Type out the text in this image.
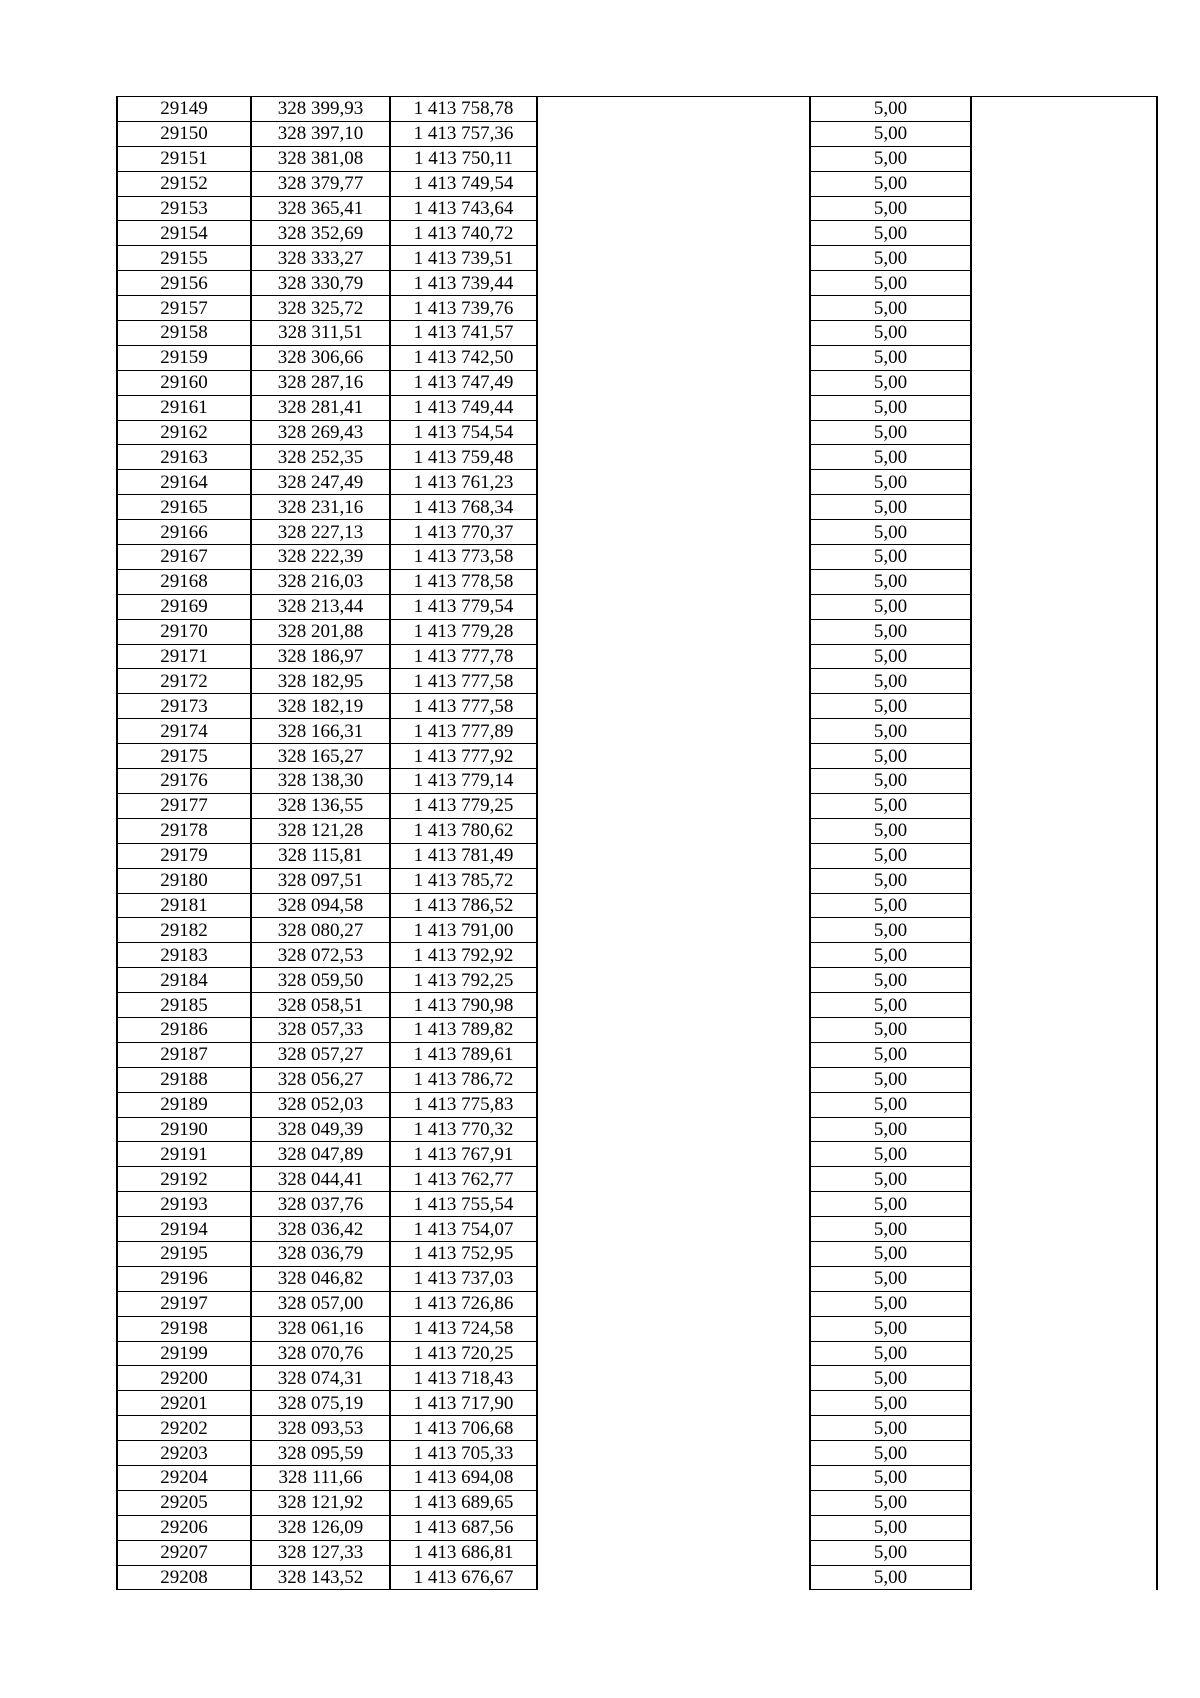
29149	328 399,93	1 413 758,78		5,00	
29150	328 397,10	1 413 757,36		5,00	
29151	328 381,08	1 413 750,11		5,00	
29152	328 379,77	1 413 749,54		5,00	
29153	328 365,41	1 413 743,64		5,00	
29154	328 352,69	1 413 740,72		5,00	
29155	328 333,27	1 413 739,51		5,00	
29156	328 330,79	1 413 739,44		5,00	
29157	328 325,72	1 413 739,76		5,00	
29158	328 311,51	1 413 741,57		5,00	
29159	328 306,66	1 413 742,50		5,00	
29160	328 287,16	1 413 747,49		5,00	
29161	328 281,41	1 413 749,44		5,00	
29162	328 269,43	1 413 754,54		5,00	
29163	328 252,35	1 413 759,48		5,00	
29164	328 247,49	1 413 761,23		5,00	
29165	328 231,16	1 413 768,34		5,00	
29166	328 227,13	1 413 770,37		5,00	
29167	328 222,39	1 413 773,58		5,00	
29168	328 216,03	1 413 778,58		5,00	
29169	328 213,44	1 413 779,54		5,00	
29170	328 201,88	1 413 779,28		5,00	
29171	328 186,97	1 413 777,78		5,00	
29172	328 182,95	1 413 777,58		5,00	
29173	328 182,19	1 413 777,58		5,00	
29174	328 166,31	1 413 777,89		5,00	
29175	328 165,27	1 413 777,92		5,00	
29176	328 138,30	1 413 779,14		5,00	
29177	328 136,55	1 413 779,25		5,00	
29178	328 121,28	1 413 780,62		5,00	
29179	328 115,81	1 413 781,49		5,00	
29180	328 097,51	1 413 785,72		5,00	
29181	328 094,58	1 413 786,52		5,00	
29182	328 080,27	1 413 791,00		5,00	
29183	328 072,53	1 413 792,92		5,00	
29184	328 059,50	1 413 792,25		5,00	
29185	328 058,51	1 413 790,98		5,00	
29186	328 057,33	1 413 789,82		5,00	
29187	328 057,27	1 413 789,61		5,00	
29188	328 056,27	1 413 786,72		5,00	
29189	328 052,03	1 413 775,83		5,00	
29190	328 049,39	1 413 770,32		5,00	
29191	328 047,89	1 413 767,91		5,00	
29192	328 044,41	1 413 762,77		5,00	
29193	328 037,76	1 413 755,54		5,00	
29194	328 036,42	1 413 754,07		5,00	
29195	328 036,79	1 413 752,95		5,00	
29196	328 046,82	1 413 737,03		5,00	
29197	328 057,00	1 413 726,86		5,00	
29198	328 061,16	1 413 724,58		5,00	
29199	328 070,76	1 413 720,25		5,00	
29200	328 074,31	1 413 718,43		5,00	
29201	328 075,19	1 413 717,90		5,00	
29202	328 093,53	1 413 706,68		5,00	
29203	328 095,59	1 413 705,33		5,00	
29204	328 111,66	1 413 694,08		5,00	
29205	328 121,92	1 413 689,65		5,00	
29206	328 126,09	1 413 687,56		5,00	
29207	328 127,33	1 413 686,81		5,00	
29208	328 143,52	1 413 676,67		5,00	
